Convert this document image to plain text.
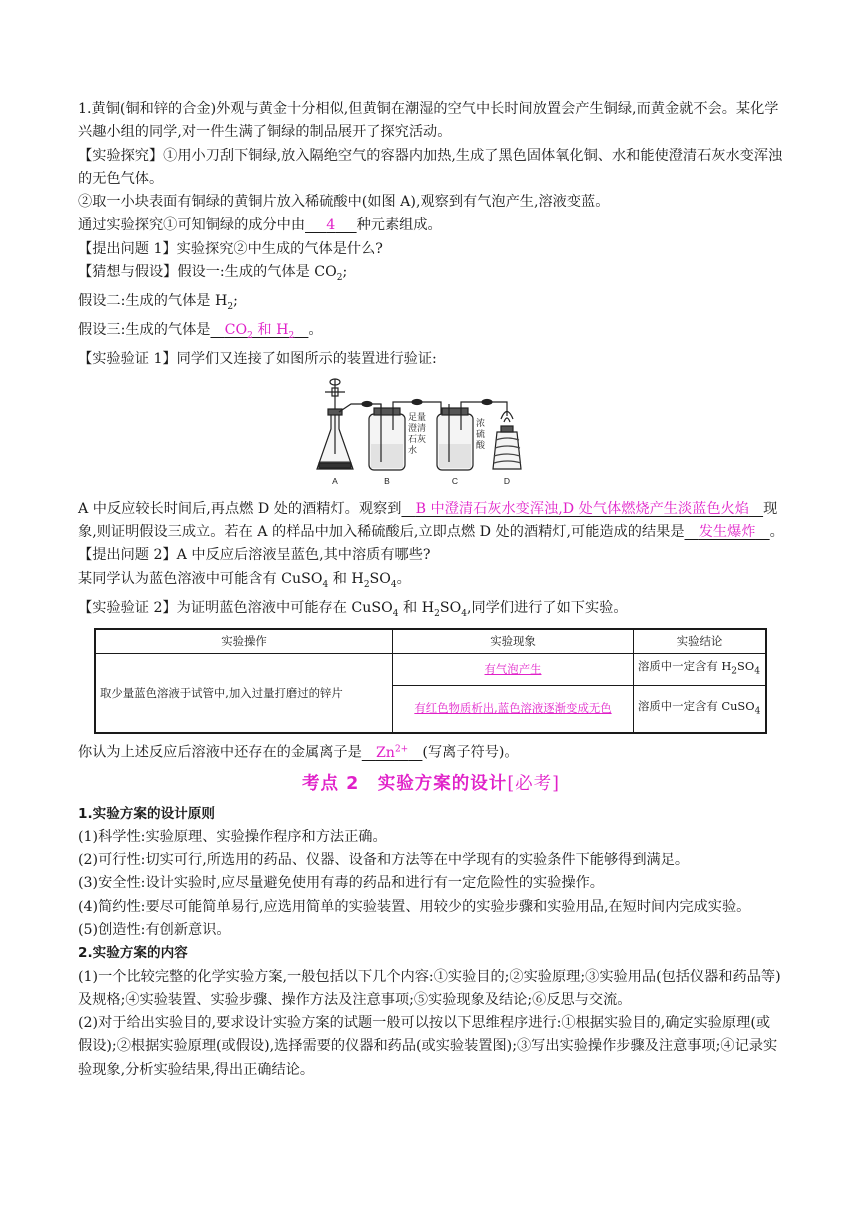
1.黄铜(铜和锌的合金)外观与黄金十分相似,但黄铜在潮湿的空气中长时间放置会产生铜绿,而黄金就不会。某化学兴趣小组的同学,对一件生满了铜绿的制品展开了探究活动。

【实验探究】①用小刀刮下铜绿,放入隔绝空气的容器内加热,生成了黑色固体氧化铜、水和能使澄清石灰水变浑浊的无色气体。

②取一小块表面有铜绿的黄铜片放入稀硫酸中(如图 A),观察到有气泡产生,溶液变蓝。

通过实验探究①可知铜绿的成分中由    4    种元素组成。

【提出问题 1】实验探究②中生成的气体是什么?

【猜想与假设】假设一:生成的气体是 $CO_2$;

假设二:生成的气体是 $H_2$;

假设三:生成的气体是   $CO_2$ 和 $H_2$   。

【实验验证 1】同学们又连接了如图所示的装置进行验证:

A	B	C	D
足量
澄清
石灰
水
浓
硫
酸

A 中反应较长时间后,再点燃 D 处的酒精灯。观察到   B 中澄清石灰水变浑浊,D 处气体燃烧产生淡蓝色火焰   现象,则证明假设三成立。若在 A 的样品中加入稀硫酸后,立即点燃 D 处的酒精灯,可能造成的结果是   发生爆炸   。

【提出问题 2】A 中反应后溶液呈蓝色,其中溶质有哪些?

某同学认为蓝色溶液中可能含有 CuSO$_4$ 和 $H_2SO_4$。

【实验验证 2】为证明蓝色溶液中可能存在 CuSO$_4$ 和 $H_2SO_4$,同学们进行了如下实验。

实验操作	实验现象	实验结论
取少量蓝色溶液于试管中,加入过量打磨过的锌片	有气泡产生	溶质中一定含有 $H_2SO_4$
	有红色物质析出,蓝色溶液逐渐变成无色	溶质中一定含有 CuSO$_4$

你认为上述反应后溶液中还存在的金属离子是   $Zn^{2+}$   (写离子符号)。

考点 2　实验方案的设计[必考]

1.实验方案的设计原则

(1)科学性:实验原理、实验操作程序和方法正确。

(2)可行性:切实可行,所选用的药品、仪器、设备和方法等在中学现有的实验条件下能够得到满足。

(3)安全性:设计实验时,应尽量避免使用有毒的药品和进行有一定危险性的实验操作。

(4)简约性:要尽可能简单易行,应选用简单的实验装置、用较少的实验步骤和实验用品,在短时间内完成实验。

(5)创造性:有创新意识。

2.实验方案的内容

(1)一个比较完整的化学实验方案,一般包括以下几个内容:①实验目的;②实验原理;③实验用品(包括仪器和药品等)及规格;④实验装置、实验步骤、操作方法及注意事项;⑤实验现象及结论;⑥反思与交流。

(2)对于给出实验目的,要求设计实验方案的试题一般可以按以下思维程序进行:①根据实验目的,确定实验原理(或假设);②根据实验原理(或假设),选择需要的仪器和药品(或实验装置图);③写出实验操作步骤及注意事项;④记录实验现象,分析实验结果,得出正确结论。
